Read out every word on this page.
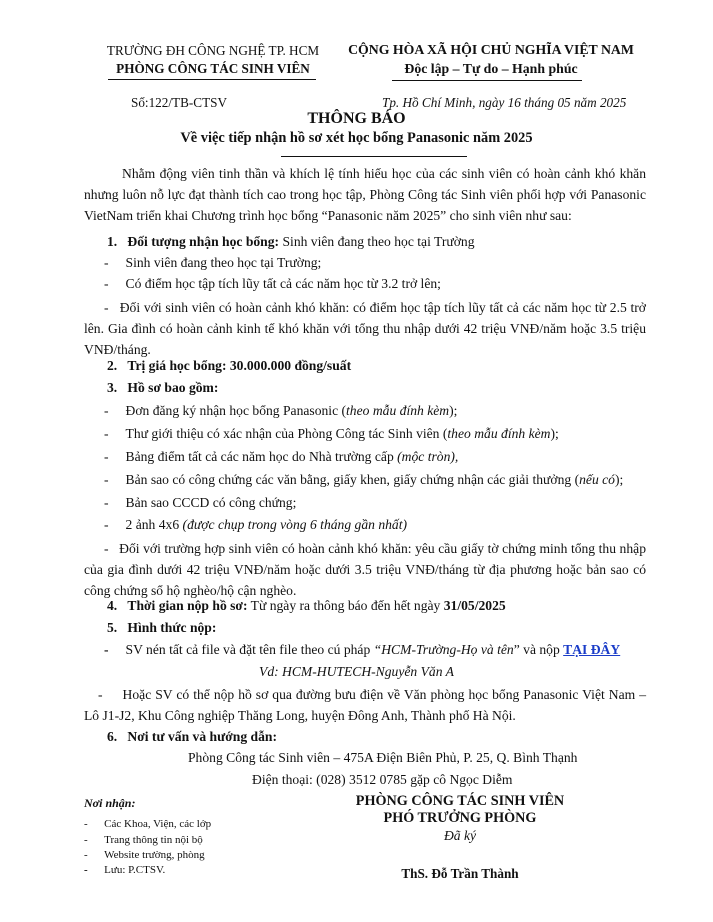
TRƯỜNG ĐH CÔNG NGHỆ TP. HCM
PHÒNG CÔNG TÁC SINH VIÊN
CỘNG HÒA XÃ HỘI CHỦ NGHĨA VIỆT NAM
Độc lập – Tự do – Hạnh phúc
Số:122/TB-CTSV	Tp. Hồ Chí Minh, ngày 16 tháng 05 năm 2025
THÔNG BÁO
Về việc tiếp nhận hồ sơ xét học bổng Panasonic năm 2025
Nhằm động viên tinh thần và khích lệ tính hiếu học của các sinh viên có hoàn cảnh khó khăn nhưng luôn nỗ lực đạt thành tích cao trong học tập, Phòng Công tác Sinh viên phối hợp với Panasonic VietNam triển khai Chương trình học bổng “Panasonic năm 2025” cho sinh viên như sau:
1. Đối tượng nhận học bổng: Sinh viên đang theo học tại Trường
-     Sinh viên đang theo học tại Trường;
-     Có điểm học tập tích lũy tất cả các năm học từ 3.2 trở lên;
-   Đối với sinh viên có hoàn cảnh khó khăn: có điểm học tập tích lũy tất cả các năm học từ 2.5 trở lên. Gia đình có hoàn cảnh kinh tế khó khăn với tổng thu nhập dưới 42 triệu VNĐ/năm hoặc 3.5 triệu VNĐ/tháng.
2. Trị giá học bổng: 30.000.000 đồng/suất
3. Hồ sơ bao gồm:
-     Đơn đăng ký nhận học bổng Panasonic (theo mẫu đính kèm);
-     Thư giới thiệu có xác nhận của Phòng Công tác Sinh viên (theo mẫu đính kèm);
-     Bảng điểm tất cả các năm học do Nhà trường cấp (mộc tròn),
-     Bản sao có công chứng các văn bằng, giấy khen, giấy chứng nhận các giải thưởng (nếu có);
-     Bản sao CCCD có công chứng;
-     2 ảnh 4x6 (được chụp trong vòng 6 tháng gần nhất)
-   Đối với trường hợp sinh viên có hoàn cảnh khó khăn: yêu cầu giấy tờ chứng minh tổng thu nhập của gia đình dưới 42 triệu VNĐ/năm hoặc dưới 3.5 triệu VNĐ/tháng từ địa phương hoặc bản sao có công chứng sổ hộ nghèo/hộ cận nghèo.
4. Thời gian nộp hồ sơ: Từ ngày ra thông báo đến hết ngày 31/05/2025
5. Hình thức nộp:
- SV nén tất cả file và đặt tên file theo cú pháp “HCM-Trường-Họ và tên” và nộp TẠI ĐÂY
Vd: HCM-HUTECH-Nguyễn Văn A
-     Hoặc SV có thể nộp hồ sơ qua đường bưu điện về Văn phòng học bổng Panasonic Việt Nam – Lô J1-J2, Khu Công nghiệp Thăng Long, huyện Đông Anh, Thành phố Hà Nội.
6. Nơi tư vấn và hướng dẫn:
Phòng Công tác Sinh viên – 475A Điện Biên Phủ, P. 25, Q. Bình Thạnh
Điện thoại: (028) 3512 0785 gặp cô Ngọc Diễm
Nơi nhận:
-      Các Khoa, Viện, các lớp
-      Trang thông tin nội bộ
-      Website trường, phòng
- Lưu: P.CTSV.
PHÒNG CÔNG TÁC SINH VIÊN
PHÓ TRƯỞNG PHÒNG
Đã ký
ThS. Đỗ Trần Thành
